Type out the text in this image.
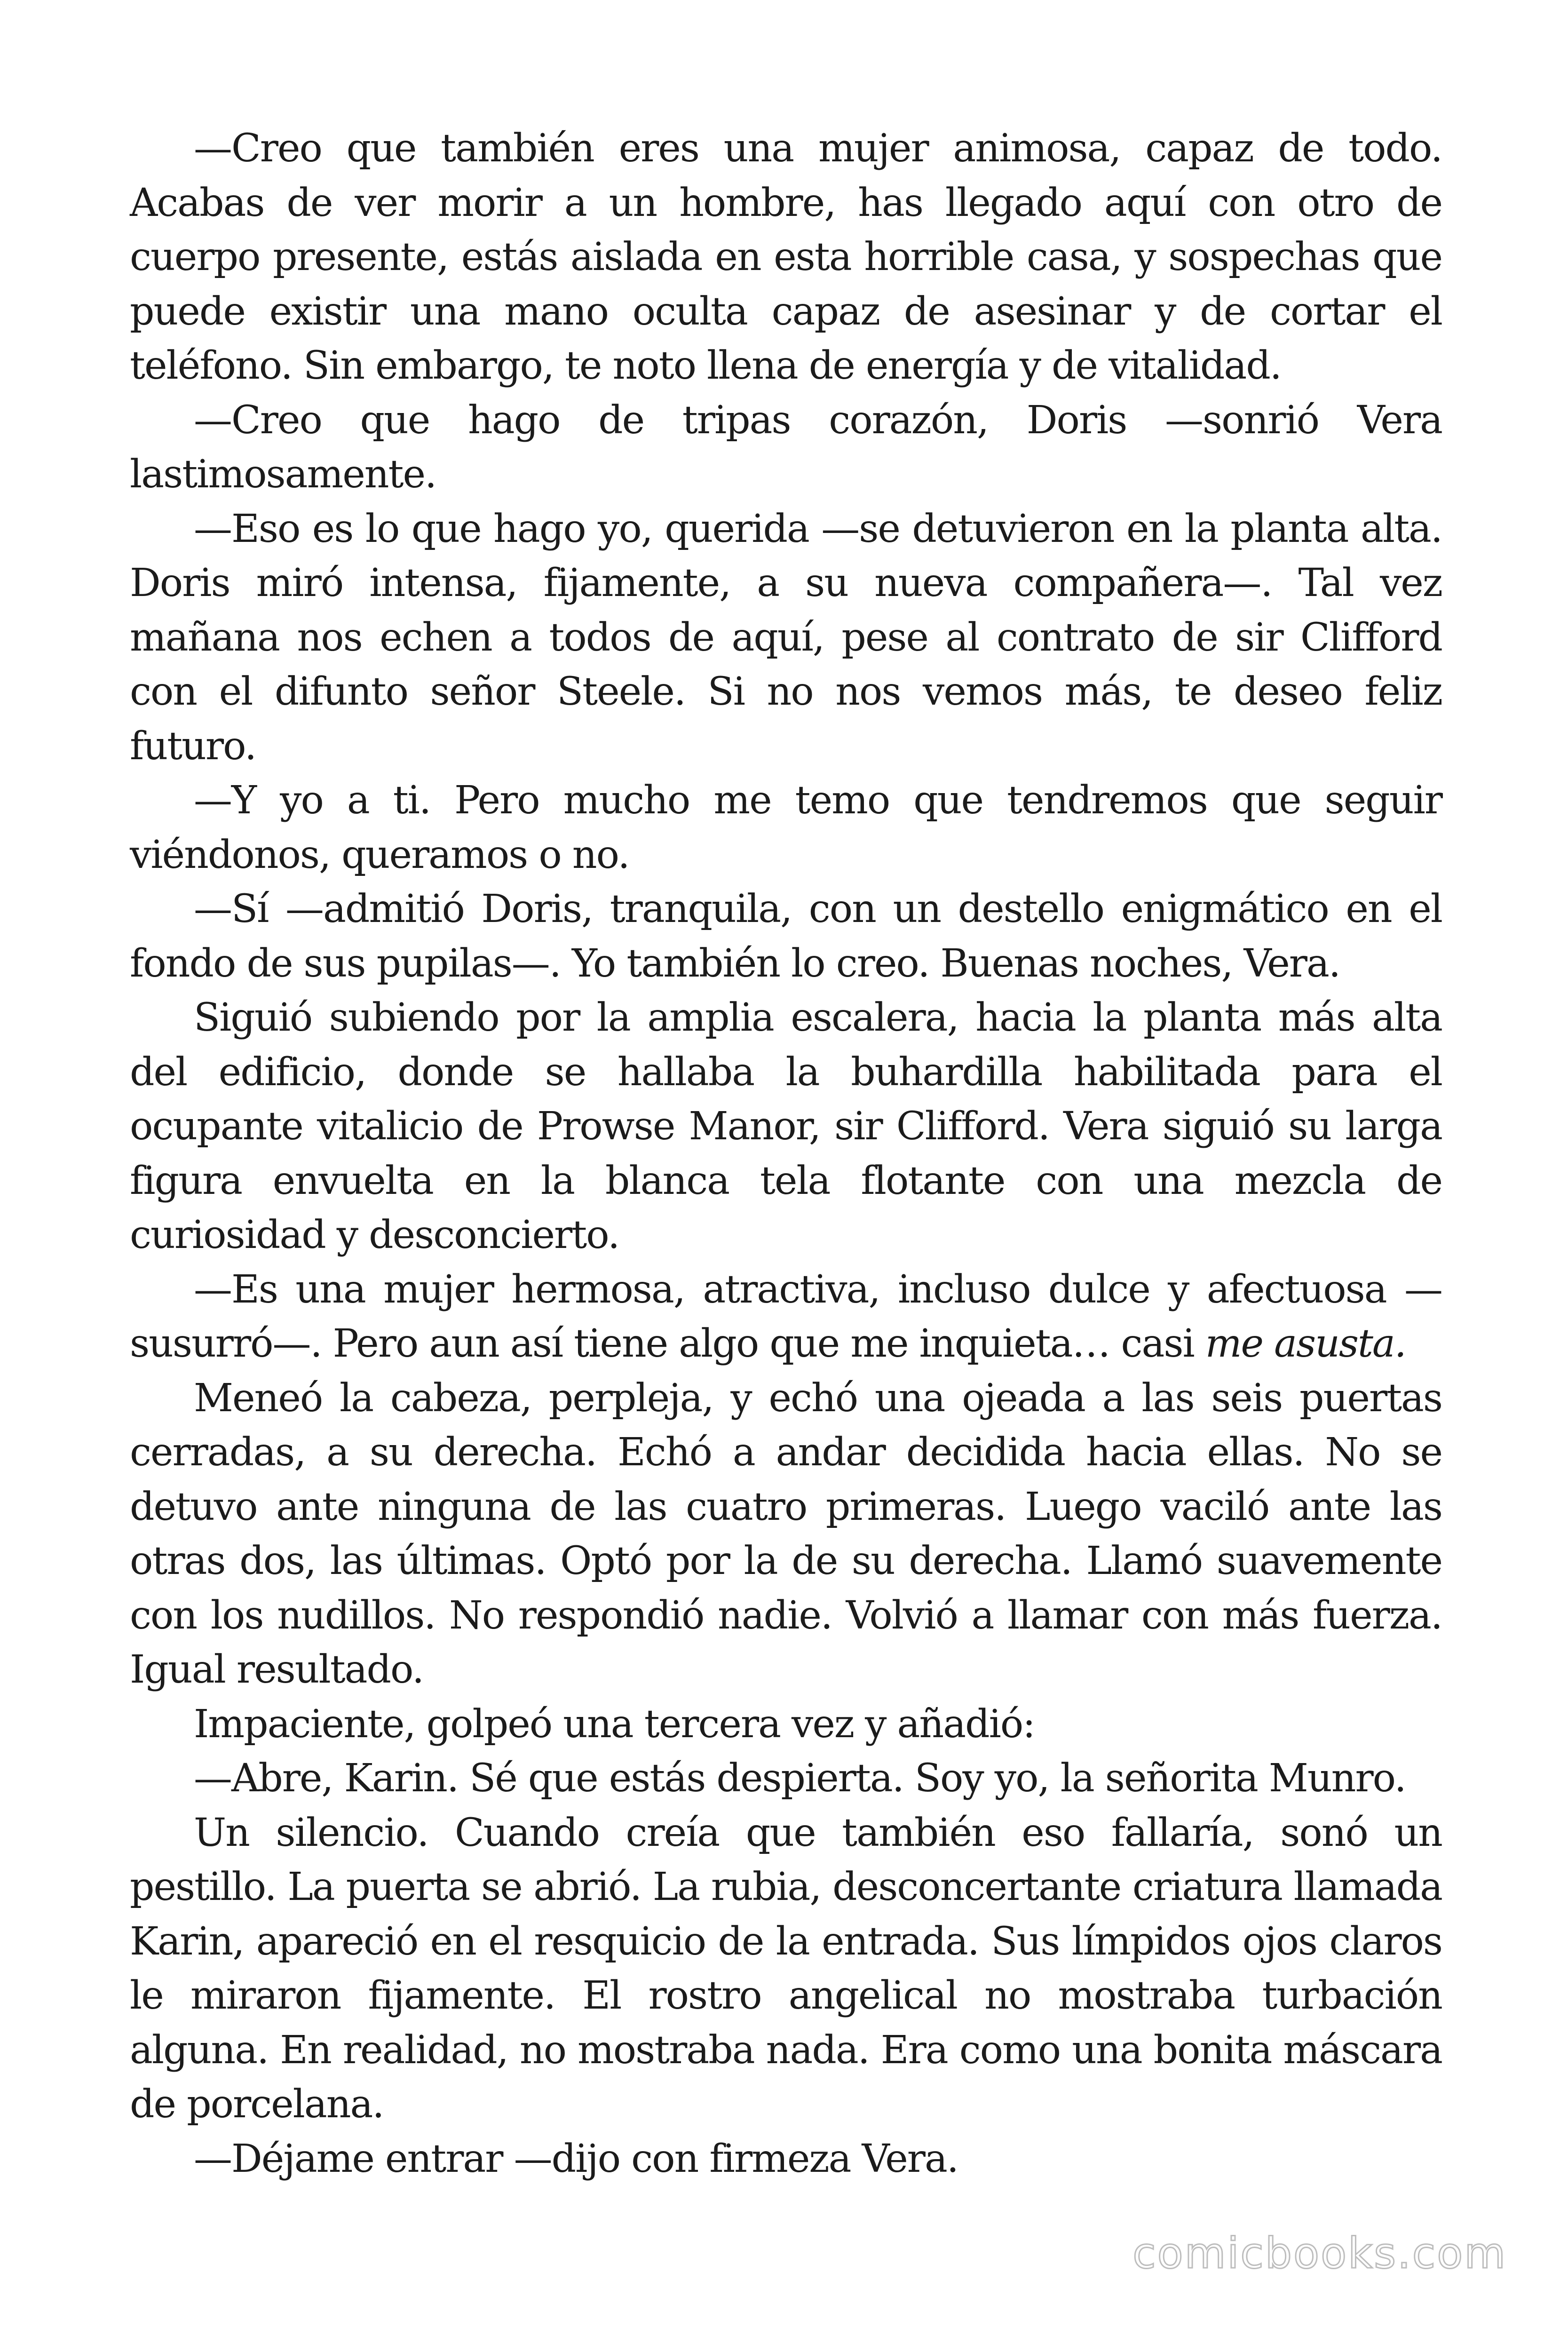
—Creo que también eres una mujer animosa, capaz de todo. Acabas de ver morir a un hombre, has llegado aquí con otro de cuerpo presente, estás aislada en esta horrible casa, y sospechas que puede existir una mano oculta capaz de asesinar y de cortar el teléfono. Sin embargo, te noto llena de energía y de vitalidad.

—Creo que hago de tripas corazón, Doris —sonrió Vera lastimosamente.

—Eso es lo que hago yo, querida —se detuvieron en la planta alta. Doris miró intensa, fijamente, a su nueva compañera—. Tal vez mañana nos echen a todos de aquí, pese al contrato de sir Clifford con el difunto señor Steele. Si no nos vemos más, te deseo feliz futuro.

—Y yo a ti. Pero mucho me temo que tendremos que seguir viéndonos, queramos o no.

—Sí —admitió Doris, tranquila, con un destello enigmático en el fondo de sus pupilas—. Yo también lo creo. Buenas noches, Vera.

Siguió subiendo por la amplia escalera, hacia la planta más alta del edificio, donde se hallaba la buhardilla habilitada para el ocupante vitalicio de Prowse Manor, sir Clifford. Vera siguió su larga figura envuelta en la blanca tela flotante con una mezcla de curiosidad y desconcierto.

—Es una mujer hermosa, atractiva, incluso dulce y afectuosa —susurró—. Pero aun así tiene algo que me inquieta… casi me asusta.

Meneó la cabeza, perpleja, y echó una ojeada a las seis puertas cerradas, a su derecha. Echó a andar decidida hacia ellas. No se detuvo ante ninguna de las cuatro primeras. Luego vaciló ante las otras dos, las últimas. Optó por la de su derecha. Llamó suavemente con los nudillos. No respondió nadie. Volvió a llamar con más fuerza. Igual resultado.

Impaciente, golpeó una tercera vez y añadió:

—Abre, Karin. Sé que estás despierta. Soy yo, la señorita Munro.

Un silencio. Cuando creía que también eso fallaría, sonó un pestillo. La puerta se abrió. La rubia, desconcertante criatura llamada Karin, apareció en el resquicio de la entrada. Sus límpidos ojos claros le miraron fijamente. El rostro angelical no mostraba turbación alguna. En realidad, no mostraba nada. Era como una bonita máscara de porcelana.

—Déjame entrar —dijo con firmeza Vera.

comicbooks.com
